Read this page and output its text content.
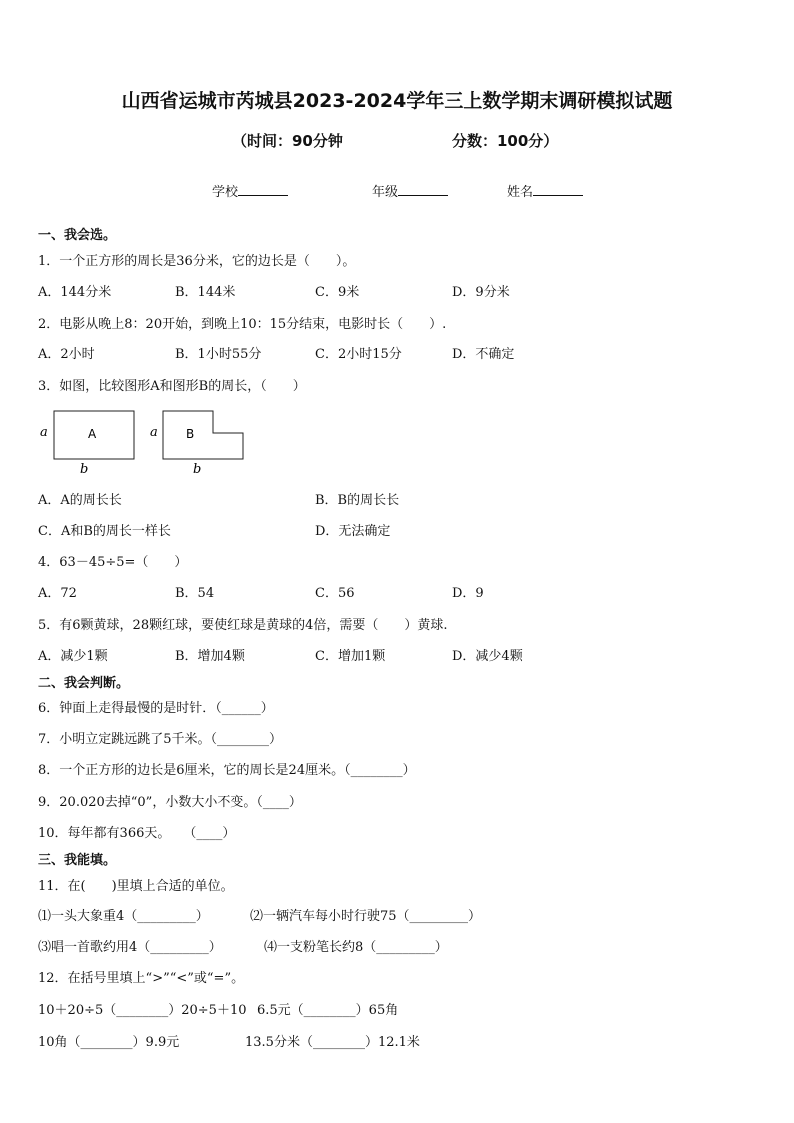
山西省运城市芮城县2023-2024学年三上数学期末调研模拟试题
（时间：90分钟	分数：100分）
学校	年级	姓名
一、我会选。
1．一个正方形的周长是36分米，它的边长是（　　）。
A．144分米	B．144米	C．9米	D．9分米
2．电影从晚上8：20开始，到晚上10：15分结束，电影时长（　　）.
A．2小时	B．1小时55分	C．2小时15分	D．不确定
3．如图，比较图形A和图形B的周长，（　　）
a	A
b
a B
b
A．A的周长长	B．B的周长长
C．A和B的周长一样长	D．无法确定
4．63－45÷5=（　　）
A．72	B．54	C．56	D．9
5．有6颗黄球，28颗红球，要使红球是黄球的4倍，需要（　　）黄球.
A．减少1颗	B．增加4颗	C．增加1颗	D．减少4颗
二、我会判断。
6．钟面上走得最慢的是时针．（______）
7．小明立定跳远跳了5千米。（________）
8．一个正方形的边长是6厘米，它的周长是24厘米。（________）
9．20.020去掉“0”，小数大小不变。（____）
10．每年都有366天。　　（____）
三、我能填。
11．在(　　)里填上合适的单位。
⑴一头大象重4（_________）	⑵一辆汽车每小时行驶75（_________）
⑶唱一首歌约用4（_________）	⑷一支粉笔长约8（_________）
12．在括号里填上“>”“<”或“=”。
10＋20÷5（________）20÷5＋10 6.5元（________）65角
10角（________）9.9元	13.5分米（________）12.1米
